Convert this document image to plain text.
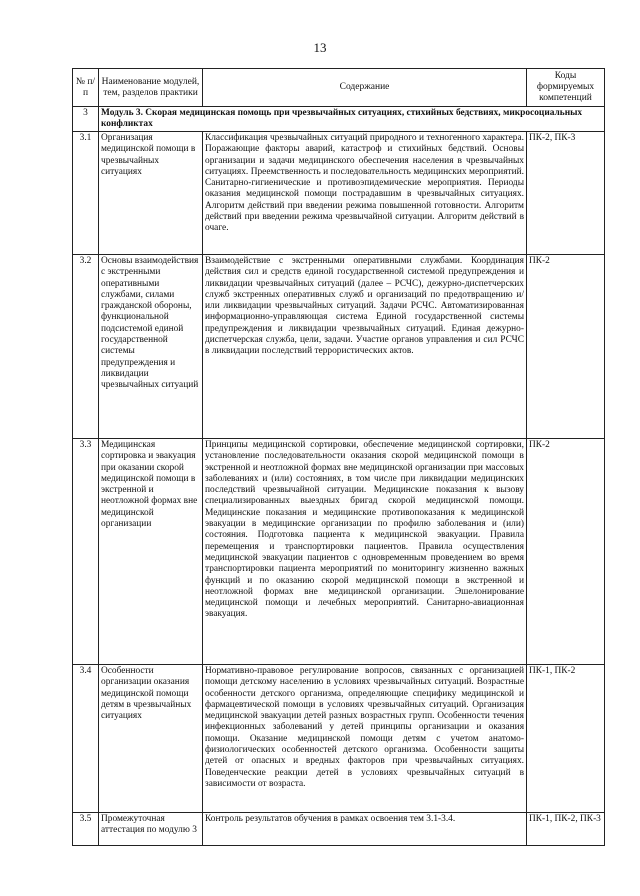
13
№ п/п	Наименование модулей, тем, разделов практики	Содержание	Коды формируемых компетенций
3	Модуль 3. Скорая медицинская помощь при чрезвычайных ситуациях, стихийных бедствиях, микросоциальных конфликтах		
3.1	Организация медицинской помощи в чрезвычайных ситуациях	Классификация чрезвычайных ситуаций природного и техногенного характера. Поражающие факторы аварий, катастроф и стихийных бедствий. Основы организации и задачи медицинского обеспечения населения в чрезвычайных ситуациях. Преемственность и последовательность медицинских мероприятий. Санитарно-гигиенические и противоэпидемические мероприятия. Периоды оказания медицинской помощи пострадавшим в чрезвычайных ситуациях. Алгоритм действий при введении режима повышенной готовности. Алгоритм действий при введении режима чрезвычайной ситуации. Алгоритм действий в очаге.	ПК-2, ПК-3
3.2	Основы взаимодействия с экстренными оперативными службами, силами гражданской обороны, функциональной подсистемой единой государственной системы предупреждения и ликвидации чрезвычайных ситуаций	Взаимодействие с экстренными оперативными службами. Координация действия сил и средств единой государственной системой предупреждения и ликвидации чрезвычайных ситуаций (далее – РСЧС), дежурно-диспетчерских служб экстренных оперативных служб и организаций по предотвращению и/или ликвидации чрезвычайных ситуаций. Задачи РСЧС. Автоматизированная информационно-управляющая система Единой государственной системы предупреждения и ликвидации чрезвычайных ситуаций. Единая дежурно-диспетчерская служба, цели, задачи. Участие органов управления и сил РСЧС в ликвидации последствий террористических актов.	ПК-2
3.3	Медицинская сортировка и эвакуация при оказании скорой медицинской помощи в экстренной и неотложной формах вне медицинской организации	Принципы медицинской сортировки, обеспечение медицинской сортировки, установление последовательности оказания скорой медицинской помощи в экстренной и неотложной формах вне медицинской организации при массовых заболеваниях и (или) состояниях, в том числе при ликвидации медицинских последствий чрезвычайной ситуации. Медицинские показания к вызову специализированных выездных бригад скорой медицинской помощи. Медицинские показания и медицинские противопоказания к медицинской эвакуации в медицинские организации по профилю заболевания и (или) состояния. Подготовка пациента к медицинской эвакуации. Правила перемещения и транспортировки пациентов. Правила осуществления медицинской эвакуации пациентов с одновременным проведением во время транспортировки пациента мероприятий по мониторингу жизненно важных функций и по оказанию скорой медицинской помощи в экстренной и неотложной формах вне медицинской организации. Эшелонирование медицинской помощи и лечебных мероприятий. Санитарно-авиационная эвакуация.	ПК-2
3.4	Особенности организации оказания медицинской помощи детям в чрезвычайных ситуациях	Нормативно-правовое регулирование вопросов, связанных с организацией помощи детскому населению в условиях чрезвычайных ситуаций. Возрастные особенности детского организма, определяющие специфику медицинской и фармацевтической помощи в условиях чрезвычайных ситуаций. Организация медицинской эвакуации детей разных возрастных групп. Особенности течения инфекционных заболеваний у детей принципы организации и оказания помощи. Оказание медицинской помощи детям с учетом анатомо-физиологических особенностей детского организма. Особенности защиты детей от опасных и вредных факторов при чрезвычайных ситуациях. Поведенческие реакции детей в условиях чрезвычайных ситуаций в зависимости от возраста.	ПК-1, ПК-2
3.5	Промежуточная аттестация по модулю 3	Контроль результатов обучения в рамках освоения тем 3.1-3.4.	ПК-1, ПК-2, ПК-3
